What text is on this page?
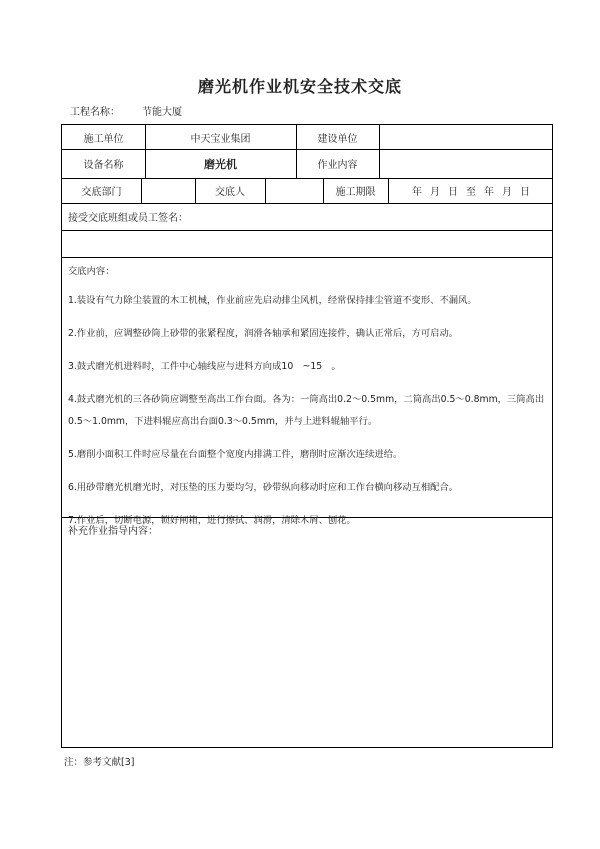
磨光机作业机安全技术交底
工程名称： 节能大厦
施工单位	中天宝业集团	建设单位
设备名称	磨光机	作业内容
交底部门	交底人	施工期限	年 月 日 至 年 月 日
接受交底班组或员工签名：
交底内容：

1.装设有气力除尘装置的木工机械，作业前应先启动排尘风机，经常保持排尘管道不变形、不漏风。

2.作业前，应调整砂筒上砂带的张紧程度，润滑各轴承和紧固连接件，确认正常后，方可启动。

3.鼓式磨光机进料时，工件中心轴线应与进料方向成10　~15　。

4.鼓式磨光机的三各砂筒应调整至高出工作台面。各为：一筒高出0.2～0.5mm，二筒高出0.5～0.8mm，三筒高出0.5～1.0mm，下进料辊应高出台面0.3～0.5mm，并与上进料辊轴平行。

5.磨削小面积工件时应尽量在台面整个宽度内排满工件，磨削时应渐次连续进给。

6.用砂带磨光机磨光时，对压垫的压力要均匀，砂带纵向移动时应和工作台横向移动互相配合。

7.作业后，切断电源，锁好闸箱，进行擦拭、润滑，清除木屑、刨花。

补充作业指导内容：
注：参考文献[3]
